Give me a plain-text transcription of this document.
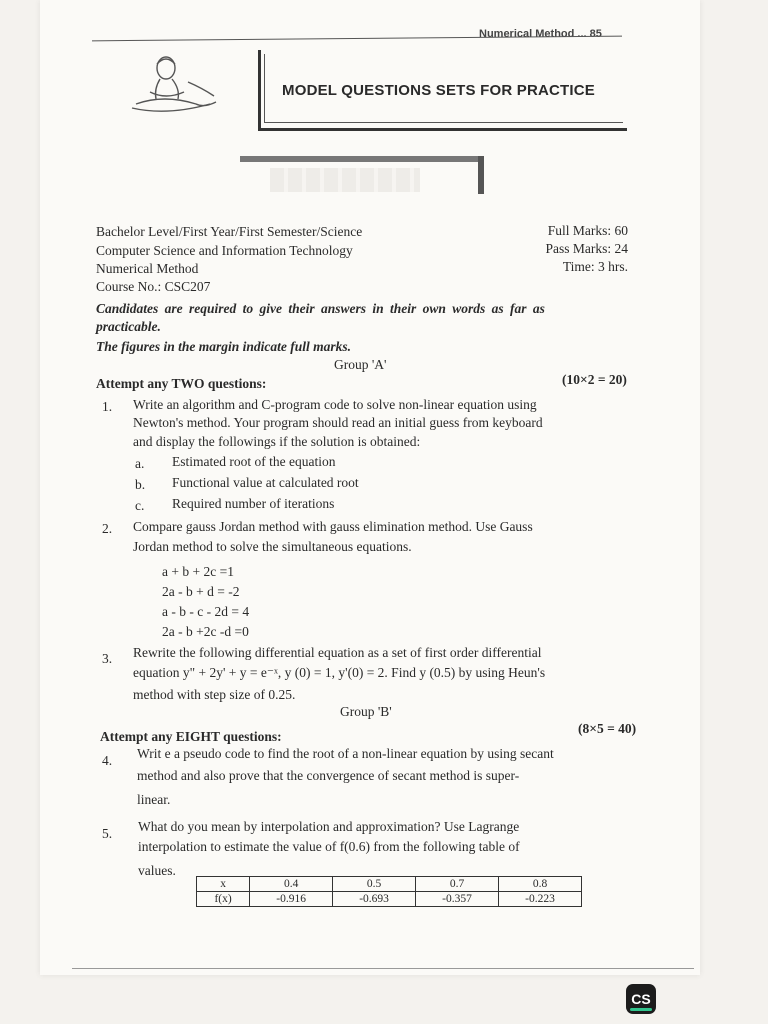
Numerical Method ... 85
MODEL QUESTIONS SETS FOR PRACTICE
Bachelor Level/First Year/First Semester/Science
Computer Science and Information Technology
Numerical Method
Course No.: CSC207
Full Marks: 60
Pass Marks: 24
Time: 3 hrs.
Candidates are required to give their answers in their own words as far as
practicable.
The figures in the margin indicate full marks.
Group 'A'
Attempt any TWO questions:	(10×2 = 20)
1. Write an algorithm and C-program code to solve non-linear equation using
Newton's method. Your program should read an initial guess from keyboard
and display the followings if the solution is obtained:
a. Estimated root of the equation
b. Functional value at calculated root
c. Required number of iterations
2. Compare gauss Jordan method with gauss elimination method. Use Gauss
Jordan method to solve the simultaneous equations.
a + b + 2c =1
2a - b + d = -2
a - b - c - 2d = 4
2a - b +2c -d =0
3. Rewrite the following differential equation as a set of first order differential
equation y" + 2y' + y = e⁻ˣ, y (0) = 1, y'(0) = 2. Find y (0.5) by using Heun's
method with step size of 0.25.
Group 'B'
Attempt any EIGHT questions:
(8×5 = 40)
4. Writ e a pseudo code to find the root of a non-linear equation by using secant
method and also prove that the convergence of secant method is super-
linear.
5. What do you mean by interpolation and approximation? Use Lagrange
interpolation to estimate the value of f(0.6) from the following table of
values.
x	0.4	0.5	0.7	0.8
f(x)	-0.916	-0.693	-0.357	-0.223
CS
